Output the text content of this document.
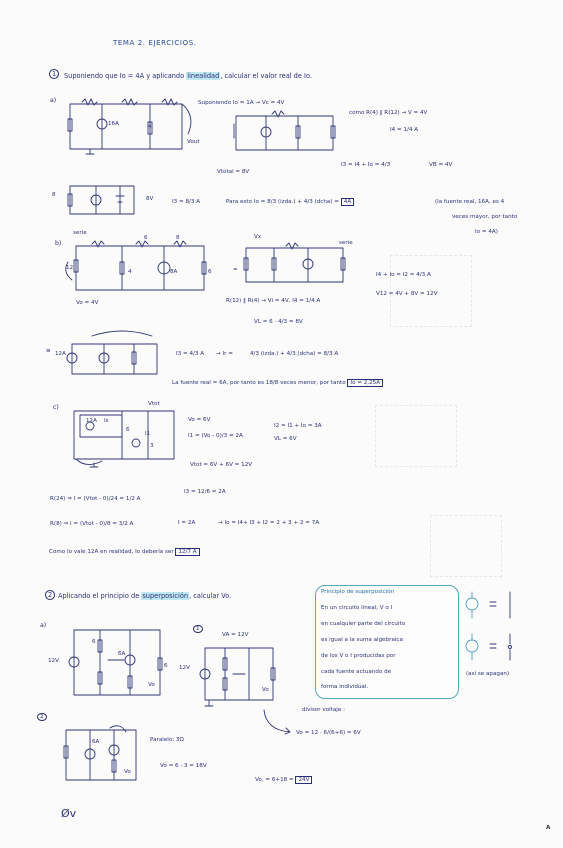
TEMA 2. EJERCICIOS.
1	Suponiendo que Io = 4A y aplicando linealidad, calcular el valor real de Io.
a)
16A	4
Vout
Suponiendo Io = 1A → Vc = 4V
como R(4) ‖ R(12) → V = 4V
I4 = 1/4 A
I3 = I4 + Io = 4/3	VB = 4V
Vtotal = 8V
8
8V	I3 = 8/3 A	Para esto Io = 8/3 (izda.) + 4/3 (dcha) = 4A	(la fuente real, 16A, es 4
veces mayor, por tanto
Io = 4A)
b)
serie
4
6	8
12
8A	6
Vo = 4V
=
Vx
serie
R(12) ‖ R(4) → Vi = 4V, I4 = 1/4 A
VL = 6 · 4/3 = 8V
I4 + Io = I2 = 4/3 A
V12 = 4V + 8V = 12V
≡ 12A	I3 = 4/3 A → Ir =	4/3 (izda.) + 4/3 (dcha) = 8/3 A
La fuente real = 6A, por tanto es 18/8 veces menor, por tanto Io = 2,25A
c)	Vtot
12A Is
6
I1
3
Vo = 6V
I1 = (Vo - 0)/3 = 2A
I2 = I1 + Io = 3A
VL = 6V
Vtot = 6V + 6V = 12V
I3 = 12/6 = 2A
R(24) ⇒ I = (Vtot - 0)/24 = 1/2 A
R(8) ⇒ I = (Vtot - 0)/8 = 3/2 A	I = 2A	→ Io = I4+ I3 + I2 = 2 + 3 + 2 = 7A
Como Io vale 12A en realidad, Io debería ser 12/7 A
2 Aplicando el principio de superposición, calcular Vo.
a)
12V
6
6A
6
Vo
1
VA = 12V
12V
Vo
divisor voltaje :
Vo = 12 · 6/(6+6) = 6V
2
6A
Vo
Paralelo: 3Ω
Vo = 6 · 3 = 18V
Vo, = 6+18 = 24V
Øv
Principio de superposición
En un circuito lineal, V o I
en cualquier parte del circuito
es igual a la suma algebraica
de los V o I producidas por
cada fuente actuando de
forma individual.
(así se apagan)
A
